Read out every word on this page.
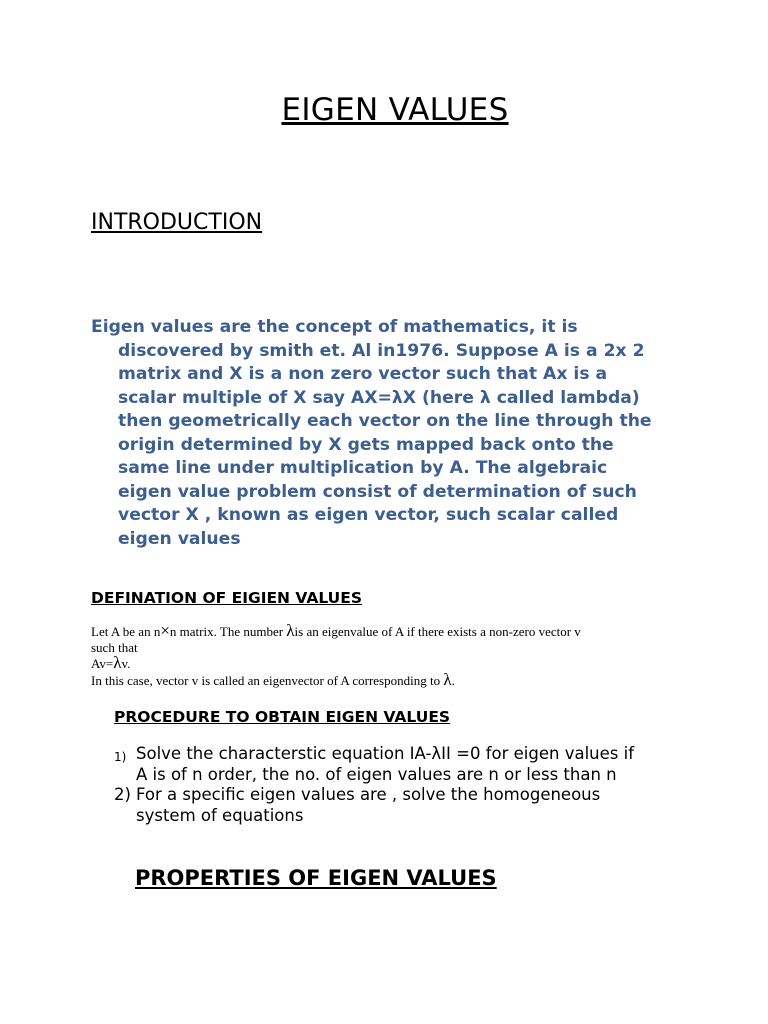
EIGEN VALUES
INTRODUCTION
Eigen values are the concept of mathematics, it is
discovered by smith et. Al in1976. Suppose A is a 2x 2
matrix and X is a non zero vector such that Ax is a
scalar multiple of X say AX=λX (here λ called lambda)
then geometrically each vector on the line through the
origin determined by X gets mapped back onto the
same line under multiplication by A. The algebraic
eigen value problem consist of determination of such
vector X , known as eigen vector, such scalar called
eigen values
DEFINATION OF EIGIEN VALUES
Let A be an n×n matrix. The number λis an eigenvalue of A if there exists a non-zero vector v
such that
Av=λv.
In this case, vector v is called an eigenvector of A corresponding to λ.
PROCEDURE TO OBTAIN EIGEN VALUES
1) Solve the characterstic equation IA-λII =0 for eigen values if
A is of n order, the no. of eigen values are n or less than n
2) For a specific eigen values are , solve the homogeneous
system of equations
PROPERTIES OF EIGEN VALUES
